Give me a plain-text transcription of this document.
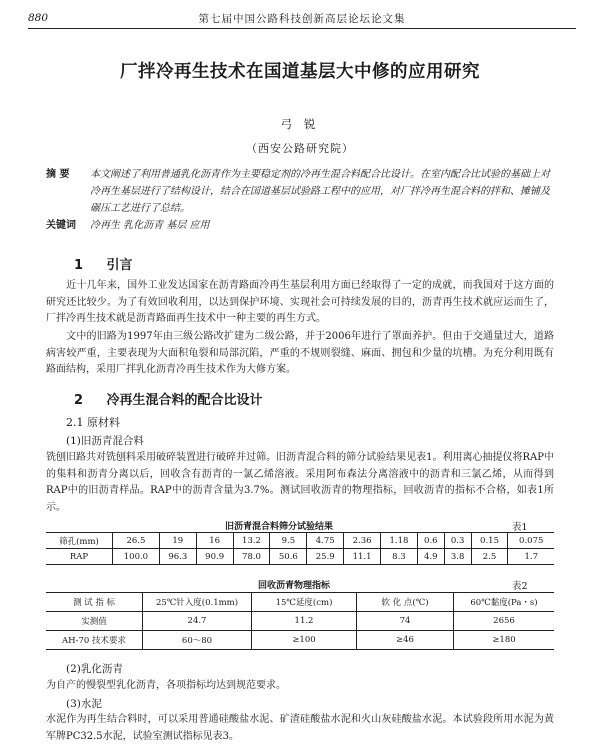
880	第七届中国公路科技创新高层论坛论文集
厂拌冷再生技术在国道基层大中修的应用研究
弓 锐
（西安公路研究院）
摘 要	本文阐述了利用普通乳化沥青作为主要稳定剂的冷再生混合料配合比设计。在室内配合比试验的基础上对冷再生基层进行了结构设计，结合在国道基层试验路工程中的应用，对厂拌冷再生混合料的拌和、摊铺及碾压工艺进行了总结。
关键词	冷再生 乳化沥青 基层 应用
1 引言
近十几年来，国外工业发达国家在沥青路面冷再生基层利用方面已经取得了一定的成就，而我国对于这方面的研究还比较少。为了有效回收利用，以达到保护环境、实现社会可持续发展的目的，沥青再生技术就应运而生了，厂拌冷再生技术就是沥青路面再生技术中一种主要的再生方式。
文中的旧路为1997年由三级公路改扩建为二级公路，并于2006年进行了罩面养护。但由于交通量过大，道路病害较严重，主要表现为大面积龟裂和局部沉陷，严重的不规则裂缝、麻面、拥包和少量的坑槽。为充分利用既有路面结构，采用厂拌乳化沥青冷再生技术作为大修方案。
2 冷再生混合料的配合比设计
2.1 原材料
(1)旧沥青混合料
铣刨旧路共对铣刨料采用破碎装置进行破碎并过筛。旧沥青混合料的筛分试验结果见表1。利用离心抽提仪将RAP中的集料和沥青分离以后，回收含有沥青的一氯乙烯溶液。采用阿布森法分离溶液中的沥青和三氯乙烯，从而得到RAP中的旧沥青样品。RAP中的沥青含量为3.7%。测试回收沥青的物理指标，回收沥青的指标不合格，如表1所示。
旧沥青混合料筛分试验结果	表1
筛孔(mm)	26.5	19	16	13.2	9.5	4.75	2.36	1.18	0.6	0.3	0.15	0.075
RAP	100.0	96.3	90.9	78.0	50.6	25.9	11.1	8.3	4.9	3.8	2.5	1.7
回收沥青物理指标	表2
测 试 指 标	25℃针入度(0.1mm)	15℃延度(cm)	软 化 点(℃)	60℃黏度(Pa・s)
实测值	24.7	11.2	74	2656
AH-70 技术要求	60～80	≥100	≥46	≥180
(2)乳化沥青
为自产的慢裂型乳化沥青，各项指标均达到规范要求。
(3)水泥
水泥作为再生结合料时，可以采用普通硅酸盐水泥、矿渣硅酸盐水泥和火山灰硅酸盐水泥。本试验段所用水泥为黄军牌PC32.5水泥，试验室测试指标见表3。
